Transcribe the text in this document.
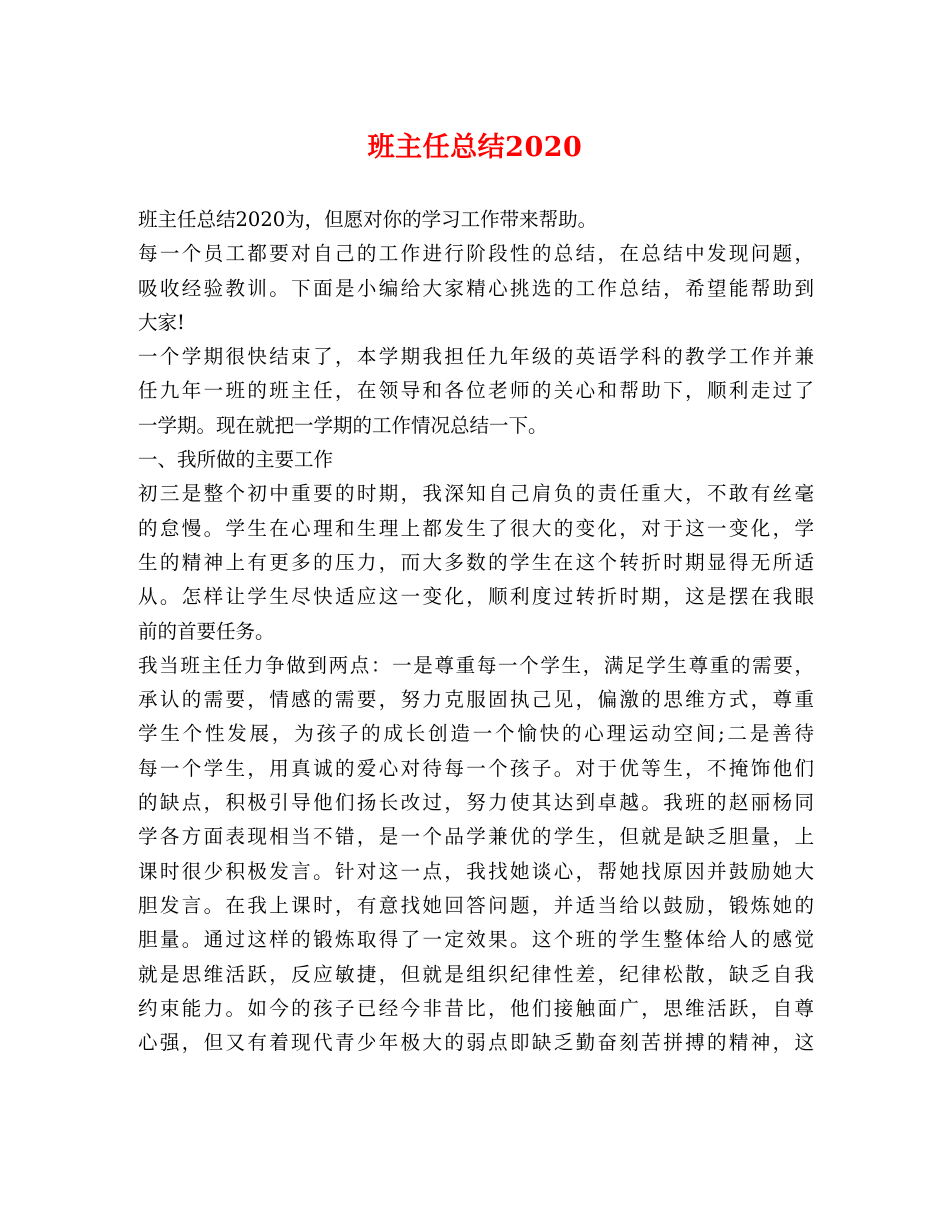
班主任总结2020
班主任总结2020为，但愿对你的学习工作带来帮助。
每一个员工都要对自己的工作进行阶段性的总结，在总结中发现问题，
吸收经验教训。下面是小编给大家精心挑选的工作总结，希望能帮助到
大家!
一个学期很快结束了，本学期我担任九年级的英语学科的教学工作并兼
任九年一班的班主任，在领导和各位老师的关心和帮助下，顺利走过了
一学期。现在就把一学期的工作情况总结一下。
一、我所做的主要工作
初三是整个初中重要的时期，我深知自己肩负的责任重大，不敢有丝毫
的怠慢。学生在心理和生理上都发生了很大的变化，对于这一变化，学
生的精神上有更多的压力，而大多数的学生在这个转折时期显得无所适
从。怎样让学生尽快适应这一变化，顺利度过转折时期，这是摆在我眼
前的首要任务。
我当班主任力争做到两点：一是尊重每一个学生，满足学生尊重的需要，
承认的需要，情感的需要，努力克服固执己见，偏激的思维方式，尊重
学生个性发展，为孩子的成长创造一个愉快的心理运动空间;二是善待
每一个学生，用真诚的爱心对待每一个孩子。对于优等生，不掩饰他们
的缺点，积极引导他们扬长改过，努力使其达到卓越。我班的赵丽杨同
学各方面表现相当不错，是一个品学兼优的学生，但就是缺乏胆量，上
课时很少积极发言。针对这一点，我找她谈心，帮她找原因并鼓励她大
胆发言。在我上课时，有意找她回答问题，并适当给以鼓励，锻炼她的
胆量。通过这样的锻炼取得了一定效果。这个班的学生整体给人的感觉
就是思维活跃，反应敏捷，但就是组织纪律性差，纪律松散，缺乏自我
约束能力。如今的孩子已经今非昔比，他们接触面广，思维活跃，自尊
心强，但又有着现代青少年极大的弱点即缺乏勤奋刻苦拼搏的精神，这
